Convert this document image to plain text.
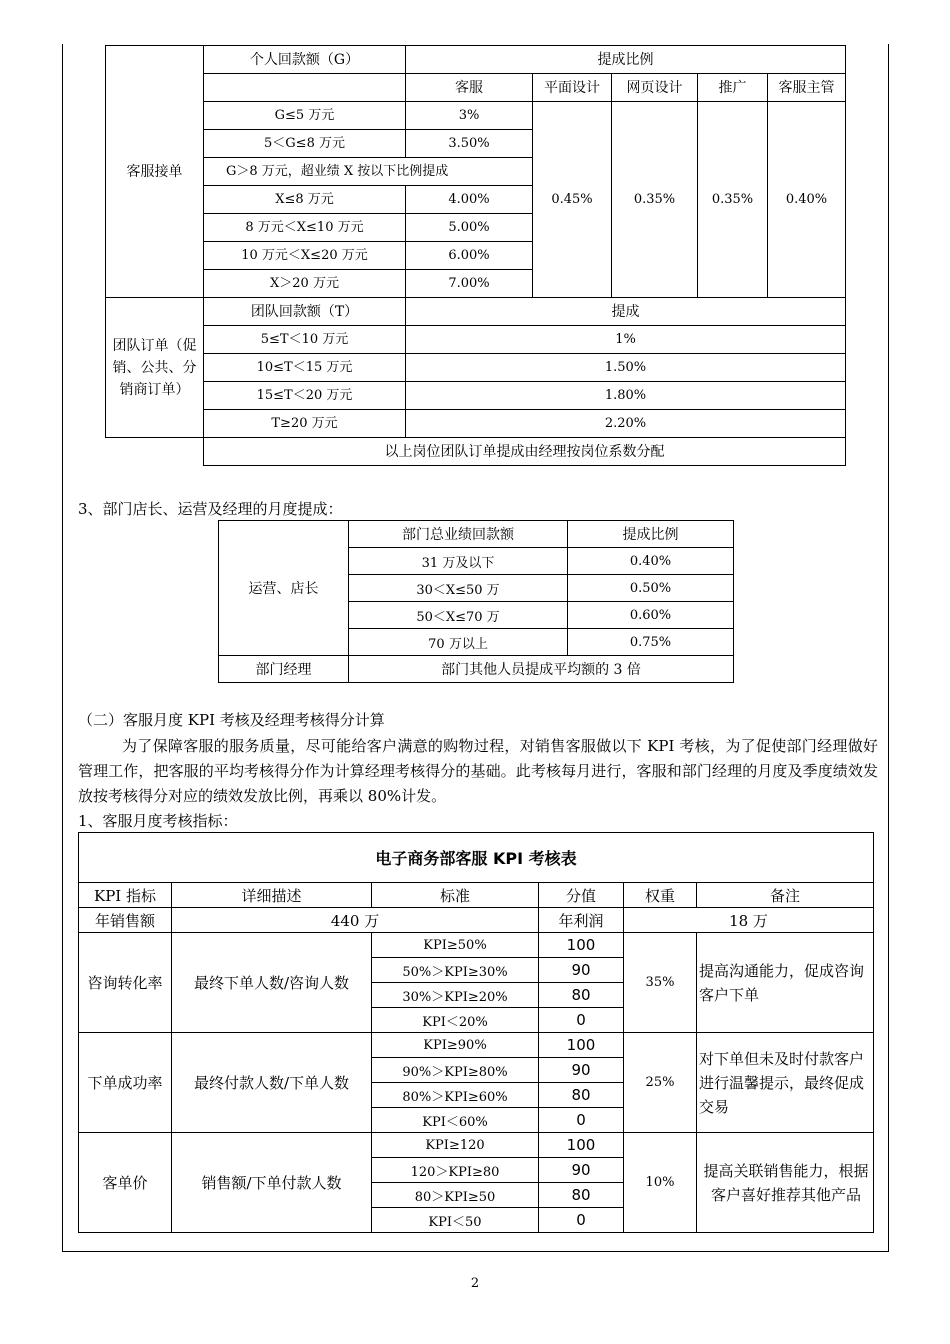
客服接单	个人回款额（G）	提成比例				
		客服	平面设计	网页设计	推广	客服主管
	G≤5 万元	3%	0.45%	0.35%	0.35%	0.40%
	5＜G≤8 万元	3.50%				
	G＞8 万元，超业绩 X 按以下比例提成					
	X≤8 万元	4.00%				
	8 万元＜X≤10 万元	5.00%				
	10 万元＜X≤20 万元	6.00%				
	X＞20 万元	7.00%				
团队订单（促销、公共、分销商订单）	团队回款额（T）	提成				
	5≤T＜10 万元	1%				
	10≤T＜15 万元	1.50%				
	15≤T＜20 万元	1.80%				
	T≥20 万元	2.20%				
	以上岗位团队订单提成由经理按岗位系数分配					
3、部门店长、运营及经理的月度提成：
运营、店长	部门总业绩回款额	提成比例
	31 万及以下	0.40%
	30＜X≤50 万	0.50%
	50＜X≤70 万	0.60%
	70 万以上	0.75%
部门经理	部门其他人员提成平均额的 3 倍	
（二）客服月度 KPI 考核及经理考核得分计算
为了保障客服的服务质量，尽可能给客户满意的购物过程，对销售客服做以下 KPI 考核，为了促使部门经理做好管理工作，把客服的平均考核得分作为计算经理考核得分的基础。此考核每月进行，客服和部门经理的月度及季度绩效发放按考核得分对应的绩效发放比例，再乘以 80%计发。
1、客服月度考核指标：
电子商务部客服 KPI 考核表					
KPI 指标	详细描述	标准	分值	权重	备注
年销售额	440 万		年利润	18 万	
咨询转化率	最终下单人数/咨询人数	KPI≥50%	100	35%	提高沟通能力，促成咨询客户下单
		50%＞KPI≥30%	90		
		30%＞KPI≥20%	80		
		KPI＜20%	0		
下单成功率	最终付款人数/下单人数	KPI≥90%	100	25%	对下单但未及时付款客户进行温馨提示，最终促成交易
		90%＞KPI≥80%	90		
		80%＞KPI≥60%	80		
		KPI＜60%	0		
客单价	销售额/下单付款人数	KPI≥120	100	10%	提高关联销售能力，根据客户喜好推荐其他产品
		120＞KPI≥80	90		
		80＞KPI≥50	80		
		KPI＜50	0		
2
